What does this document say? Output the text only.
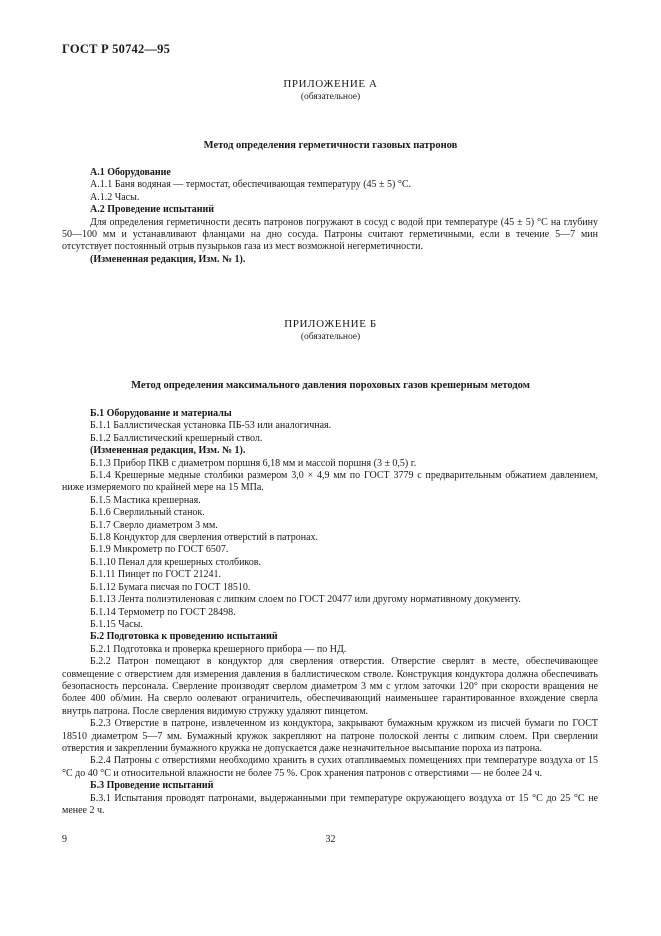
ГОСТ Р 50742—95
ПРИЛОЖЕНИЕ А
(обязательное)
Метод определения герметичности газовых патронов

А.1 Оборудование

А.1.1 Баня водяная — термостат, обеспечивающая температуру (45 ± 5) °С.

А.1.2 Часы.

А.2 Проведение испытаний

Для определения герметичности десять патронов погружают в сосуд с водой при температуре (45 ± 5) °С на глубину 50—100 мм и устанавливают фланцами на дно сосуда. Патроны считают герметичными, если в течение 5—7 мин отсутствует постоянный отрыв пузырьков газа из мест возможной негерметичности.

(Измененная редакция, Изм. № 1).

ПРИЛОЖЕНИЕ Б
(обязательное)
Метод определения максимального давления пороховых газов крешерным методом

Б.1 Оборудование и материалы

Б.1.1 Баллистическая установка ПБ-53 или аналогичная.

Б.1.2 Баллистический крешерный ствол.

(Измененная редакция, Изм. № 1).

Б.1.3 Прибор ПКВ с диаметром поршня 6,18 мм и массой поршня (3 ± 0,5) г.

Б.1.4 Крешерные медные столбики размером 3,0 × 4,9 мм по ГОСТ 3779 с предварительным обжатием давлением, ниже измеряемого по крайней мере на 15 МПа.

Б.1.5 Мастика крешерная.

Б.1.6 Сверлильный станок.

Б.1.7 Сверло диаметром 3 мм.

Б.1.8 Кондуктор для сверления отверстий в патронах.

Б.1.9 Микрометр по ГОСТ 6507.

Б.1.10 Пенал для крешерных столбиков.

Б.1.11 Пинцет по ГОСТ 21241.

Б.1.12 Бумага писчая по ГОСТ 18510.

Б.1.13 Лента полиэтиленовая с липким слоем по ГОСТ 20477 или другому нормативному документу.

Б.1.14 Термометр по ГОСТ 28498.

Б.1.15 Часы.

Б.2 Подготовка к проведению испытаний

Б.2.1 Подготовка и проверка крешерного прибора — по НД.

Б.2.2 Патрон помещают в кондуктор для сверления отверстия. Отверстие сверлят в месте, обеспечивающее совмещение с отверстием для измерения давления в баллистическом стволе. Конструкция кондуктора должна обеспечивать безопасность персонала. Сверление производят сверлом диаметром 3 мм с углом заточки 120° при скорости вращения не более 400 об/мин. На сверло оолевают ограничитель, обеспечивающий наименьшее гарантированное вхождение сверла внутрь патрона. После сверления видимую стружку удаляют пинцетом.

Б.2.3 Отверстие в патроне, извлеченном из кондуктора, закрывают бумажным кружком из писчей бумаги по ГОСТ 18510 диаметром 5—7 мм. Бумажный кружок закрепляют на патроне полоской ленты с липким слоем. При сверлении отверстия и закреплении бумажного кружка не допускается даже незначительное высыпание пороха из патрона.

Б.2.4 Патроны с отверстиями необходимо хранить в сухих отапливаемых помещениях при температуре воздуха от 15 °С до 40 °С и относительной влажности не более 75 %. Срок хранения патронов с отверстиями — не более 24 ч.

Б.3 Проведение испытаний

Б.3.1 Испытания проводят патронами, выдержанными при температуре окружающего воздуха от 15 °С до 25 °С не менее 2 ч.

9	32
